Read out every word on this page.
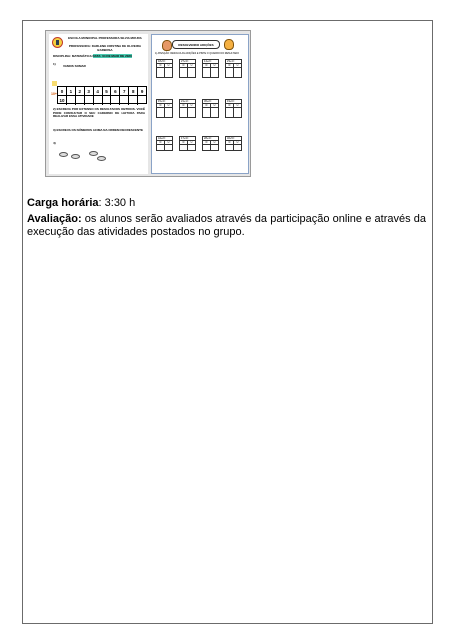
ESCOLA MUNICIPAL PROFESSORA SILVIA MOURA
PROFESSORA: DARLENE CRISTINA DE OLIVEIRA BARBOSA
DISCIPLINA: MATEMÁTICA DATA: 04 DE MAIO DE 2020
1) VAMOS SOMAR
10+ 0	1	2	3	4	5	6	7	8	9
10
2) ESCREVA POR EXTENSO OS RESULTADOS OBTIDOS. VOCÊ PODE CONSULTAR O SEU CADERNO DE LEITURA PARA REALIZAR ESSA ATIVIDADE
3) ESCREVA OS NÚMEROS ACIMA NA ORDEM DECRESCENTE
4)
RESOLVENDO ADIÇÕES
1) ATENÇÃO: RESOLVA AS ADIÇÕES E PINTE O QUADRO DO RESULTADO
18+5=
D	U
27+3=
D	U
14+2=
D	U
23+4=
D	U
15+3=
D	U
21+1=
D	U
36+2=
D	U
19+6=
D	U
44+2=
D	U
17+3=
D	U
28+4=
D	U
32+5=
D	U
Carga horária: 3:30 h
Avaliação: os alunos serão avaliados através da participação online e através da execução das atividades postados no grupo.
